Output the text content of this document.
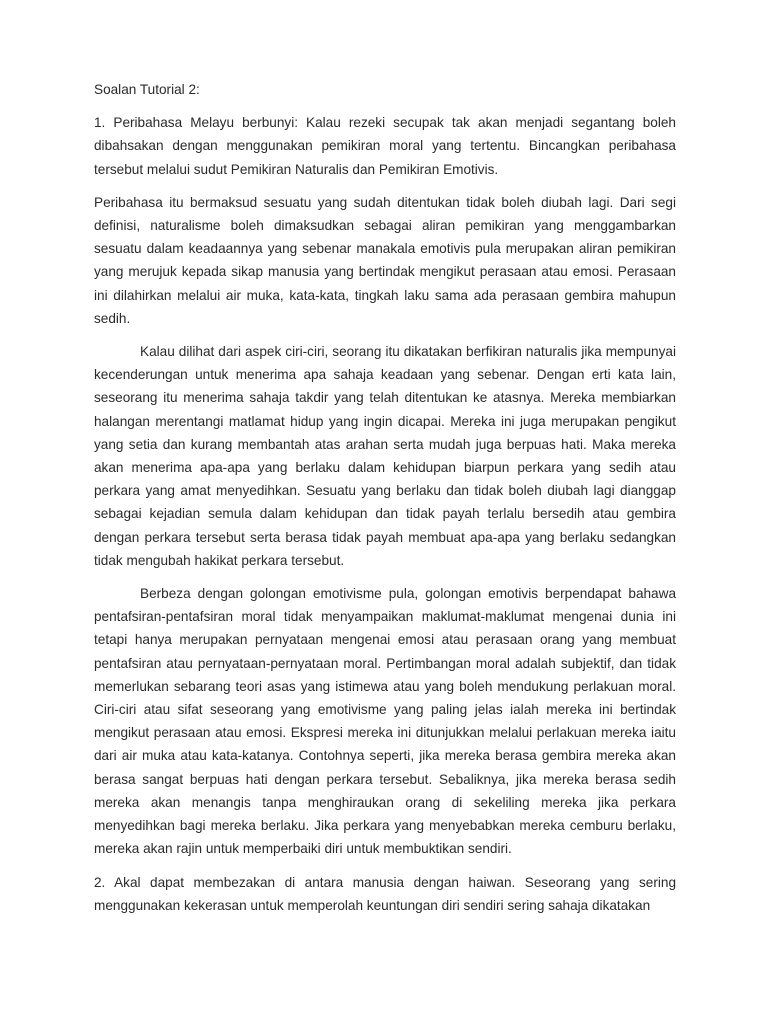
Soalan Tutorial 2:

1. Peribahasa Melayu berbunyi: Kalau rezeki secupak tak akan menjadi segantang boleh dibahsakan dengan menggunakan pemikiran moral yang tertentu. Bincangkan peribahasa tersebut melalui sudut Pemikiran Naturalis dan Pemikiran Emotivis.

Peribahasa itu bermaksud sesuatu yang sudah ditentukan tidak boleh diubah lagi. Dari segi definisi, naturalisme boleh dimaksudkan sebagai aliran pemikiran yang menggambarkan sesuatu dalam keadaannya yang sebenar manakala emotivis pula merupakan aliran pemikiran yang merujuk kepada sikap manusia yang bertindak mengikut perasaan atau emosi. Perasaan ini dilahirkan melalui air muka, kata-kata, tingkah laku sama ada perasaan gembira mahupun sedih.

Kalau dilihat dari aspek ciri-ciri, seorang itu dikatakan berfikiran naturalis jika mempunyai kecenderungan untuk menerima apa sahaja keadaan yang sebenar. Dengan erti kata lain, seseorang itu menerima sahaja takdir yang telah ditentukan ke atasnya. Mereka membiarkan halangan merentangi matlamat hidup yang ingin dicapai. Mereka ini juga merupakan pengikut yang setia dan kurang membantah atas arahan serta mudah juga berpuas hati. Maka mereka akan menerima apa-apa yang berlaku dalam kehidupan biarpun perkara yang sedih atau perkara yang amat menyedihkan. Sesuatu yang berlaku dan tidak boleh diubah lagi dianggap sebagai kejadian semula dalam kehidupan dan tidak payah terlalu bersedih atau gembira dengan perkara tersebut serta berasa tidak payah membuat apa-apa yang berlaku sedangkan tidak mengubah hakikat perkara tersebut.

Berbeza dengan golongan emotivisme pula, golongan emotivis berpendapat bahawa pentafsiran-pentafsiran moral tidak menyampaikan maklumat-maklumat mengenai dunia ini tetapi hanya merupakan pernyataan mengenai emosi atau perasaan orang yang membuat pentafsiran atau pernyataan-pernyataan moral. Pertimbangan moral adalah subjektif, dan tidak memerlukan sebarang teori asas yang istimewa atau yang boleh mendukung perlakuan moral. Ciri-ciri atau sifat seseorang yang emotivisme yang paling jelas ialah mereka ini bertindak mengikut perasaan atau emosi. Ekspresi mereka ini ditunjukkan melalui perlakuan mereka iaitu dari air muka atau kata-katanya. Contohnya seperti, jika mereka berasa gembira mereka akan berasa sangat berpuas hati dengan perkara tersebut. Sebaliknya, jika mereka berasa sedih mereka akan menangis tanpa menghiraukan orang di sekeliling mereka jika perkara menyedihkan bagi mereka berlaku. Jika perkara yang menyebabkan mereka cemburu berlaku, mereka akan rajin untuk memperbaiki diri untuk membuktikan sendiri.

2. Akal dapat membezakan di antara manusia dengan haiwan. Seseorang yang sering menggunakan kekerasan untuk memperolah keuntungan diri sendiri sering sahaja dikatakan
